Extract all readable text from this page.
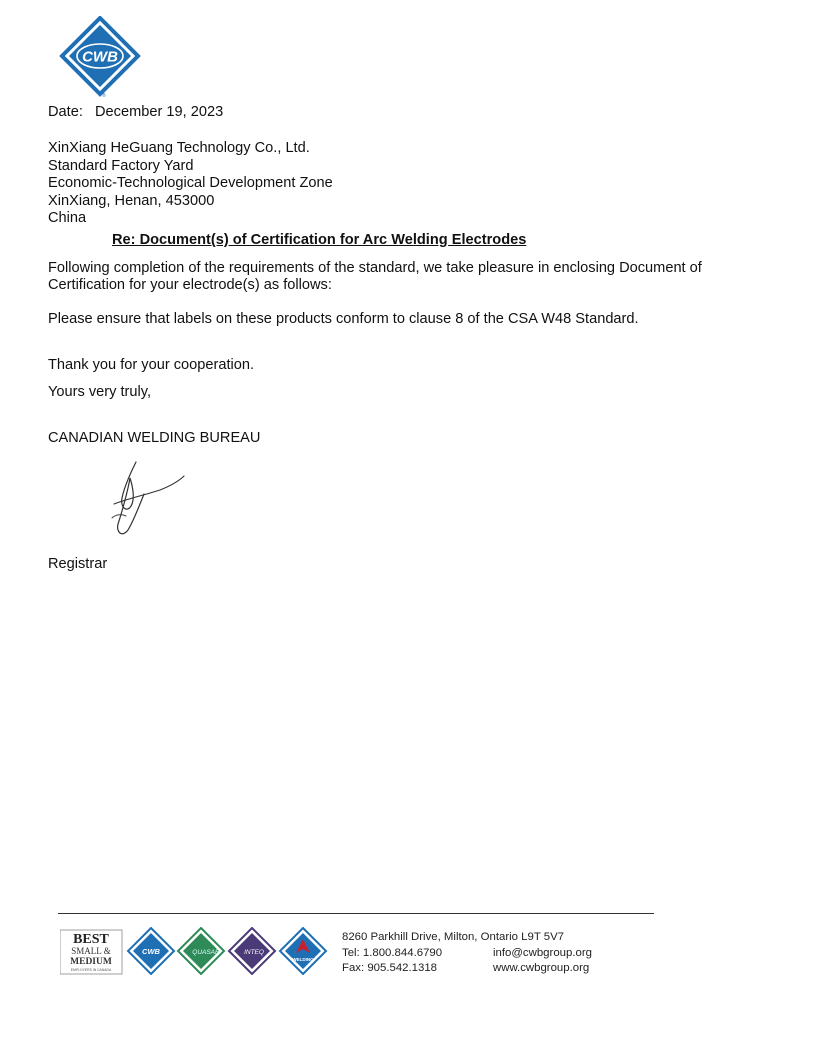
CWB
®
Date: December 19, 2023
XinXiang HeGuang Technology Co., Ltd.
Standard Factory Yard
Economic-Technological Development Zone
XinXiang, Henan, 453000
China
Re: Document(s) of Certification for Arc Welding Electrodes
Following completion of the requirements of the standard, we take pleasure in enclosing Document of Certification for your electrode(s) as follows:
Please ensure that labels on these products conform to clause 8 of the CSA W48 Standard.
Thank you for your cooperation.
Yours very truly,
CANADIAN WELDING BUREAU
Registrar
BEST
SMALL &
MEDIUM
EMPLOYERS IN CANADA
CWB	QUASAR	INTEQ
WELDING
8260 Parkhill Drive, Milton, Ontario L9T 5V7
Tel: 1.800.844.6790	info@cwbgroup.org
Fax: 905.542.1318	www.cwbgroup.org
